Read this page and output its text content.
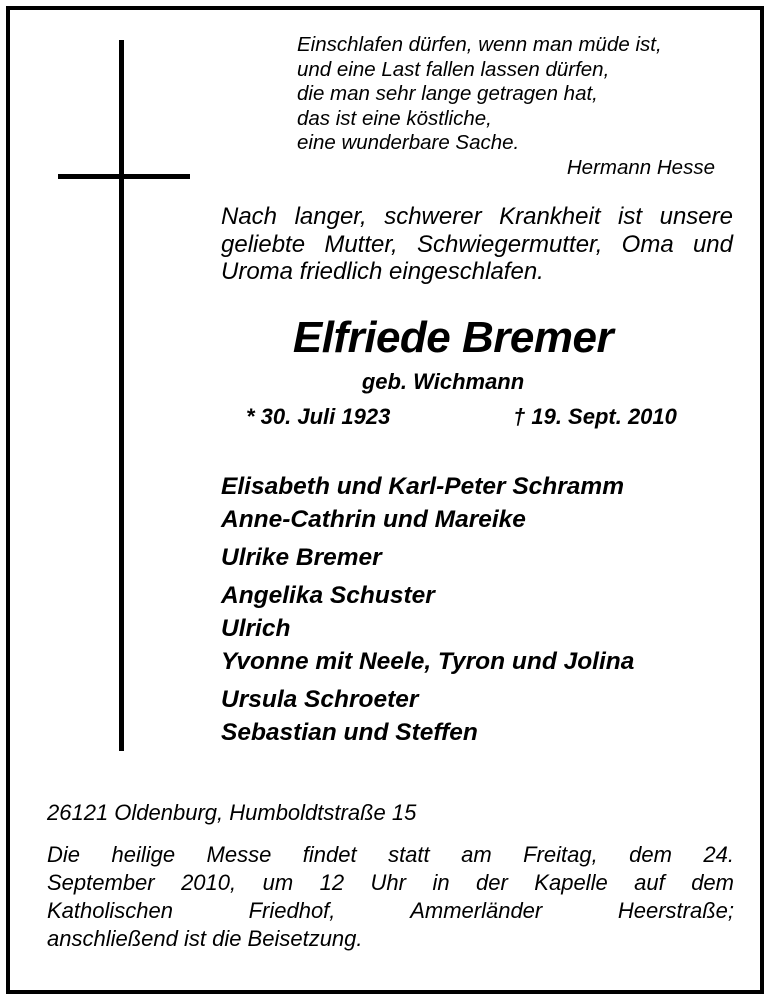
Einschlafen dürfen, wenn man müde ist,
und eine Last fallen lassen dürfen,
die man sehr lange getragen hat,
das ist eine köstliche,
eine wunderbare Sache.
Hermann Hesse
Nach langer, schwerer Krankheit ist unsere
geliebte Mutter, Schwiegermutter, Oma und
Uroma friedlich eingeschlafen.
Elfriede Bremer
geb. Wichmann
* 30. Juli 1923	† 19. Sept. 2010
Elisabeth und Karl-Peter Schramm
Anne-Cathrin und Mareike
Ulrike Bremer
Angelika Schuster
Ulrich
Yvonne mit Neele, Tyron und Jolina
Ursula Schroeter
Sebastian und Steffen
26121 Oldenburg, Humboldtstraße 15
Die heilige Messe findet statt am Freitag, dem 24.
September 2010, um 12 Uhr in der Kapelle auf dem
Katholischen Friedhof, Ammerländer Heerstraße;
anschließend ist die Beisetzung.
